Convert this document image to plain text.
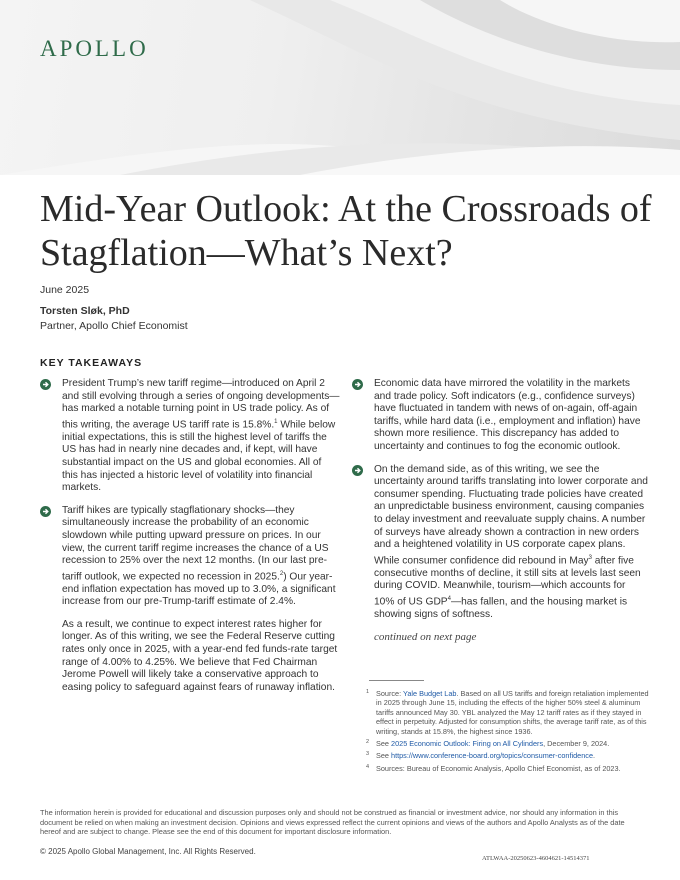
APOLLO
Mid-Year Outlook: At the Crossroads of Stagflation—What’s Next?
June 2025
Torsten Sløk, PhD
Partner, Apollo Chief Economist
KEY TAKEAWAYS
President Trump’s new tariff regime—introduced on April 2 and still evolving through a series of ongoing developments—has marked a notable turning point in US trade policy. As of this writing, the average US tariff rate is 15.8%.$^1$ While below initial expectations, this is still the highest level of tariffs the US has had in nearly nine decades and, if kept, will have substantial impact on the US and global economies. All of this has injected a historic level of volatility into financial markets.
Tariff hikes are typically stagflationary shocks—they simultaneously increase the probability of an economic slowdown while putting upward pressure on prices. In our view, the current tariff regime increases the chance of a US recession to 25% over the next 12 months. (In our last pre-tariff outlook, we expected no recession in 2025.$^2$) Our year-end inflation expectation has moved up to 3.0%, a significant increase from our pre-Trump-tariff estimate of 2.4%.
As a result, we continue to expect interest rates higher for longer. As of this writing, we see the Federal Reserve cutting rates only once in 2025, with a year-end fed funds-rate target range of 4.00% to 4.25%. We believe that Fed Chairman Jerome Powell will likely take a conservative approach to easing policy to safeguard against fears of runaway inflation.
Economic data have mirrored the volatility in the markets and trade policy. Soft indicators (e.g., confidence surveys) have fluctuated in tandem with news of on-again, off-again tariffs, while hard data (i.e., employment and inflation) have shown more resilience. This discrepancy has added to uncertainty and continues to fog the economic outlook.
On the demand side, as of this writing, we see the uncertainty around tariffs translating into lower corporate and consumer spending. Fluctuating trade policies have created an unpredictable business environment, causing companies to delay investment and reevaluate supply chains. A number of surveys have already shown a contraction in new orders and a heightened volatility in US corporate capex plans. While consumer confidence did rebound in May$^3$ after five consecutive months of decline, it still sits at levels last seen during COVID. Meanwhile, tourism—which accounts for 10% of US GDP$^4$—has fallen, and the housing market is showing signs of softness.
continued on next page
1 Source: Yale Budget Lab. Based on all US tariffs and foreign retaliation implemented in 2025 through June 15, including the effects of the higher 50% steel & aluminum tariffs announced May 30. YBL analyzed the May 12 tariff rates as if they stayed in effect in perpetuity. Adjusted for consumption shifts, the average tariff rate, as of this writing, stands at 15.8%, the highest since 1936.
2 See 2025 Economic Outlook: Firing on All Cylinders, December 9, 2024.
3 See https://www.conference-board.org/topics/consumer-confidence.
4 Sources: Bureau of Economic Analysis, Apollo Chief Economist, as of 2023.
The information herein is provided for educational and discussion purposes only and should not be construed as financial or investment advice, nor should any information in this document be relied on when making an investment decision. Opinions and views expressed reflect the current opinions and views of the authors and Apollo Analysts as of the date hereof and are subject to change. Please see the end of this document for important disclosure information.
© 2025 Apollo Global Management, Inc. All Rights Reserved.
ATLWAA-20250623-4604621-14514371
